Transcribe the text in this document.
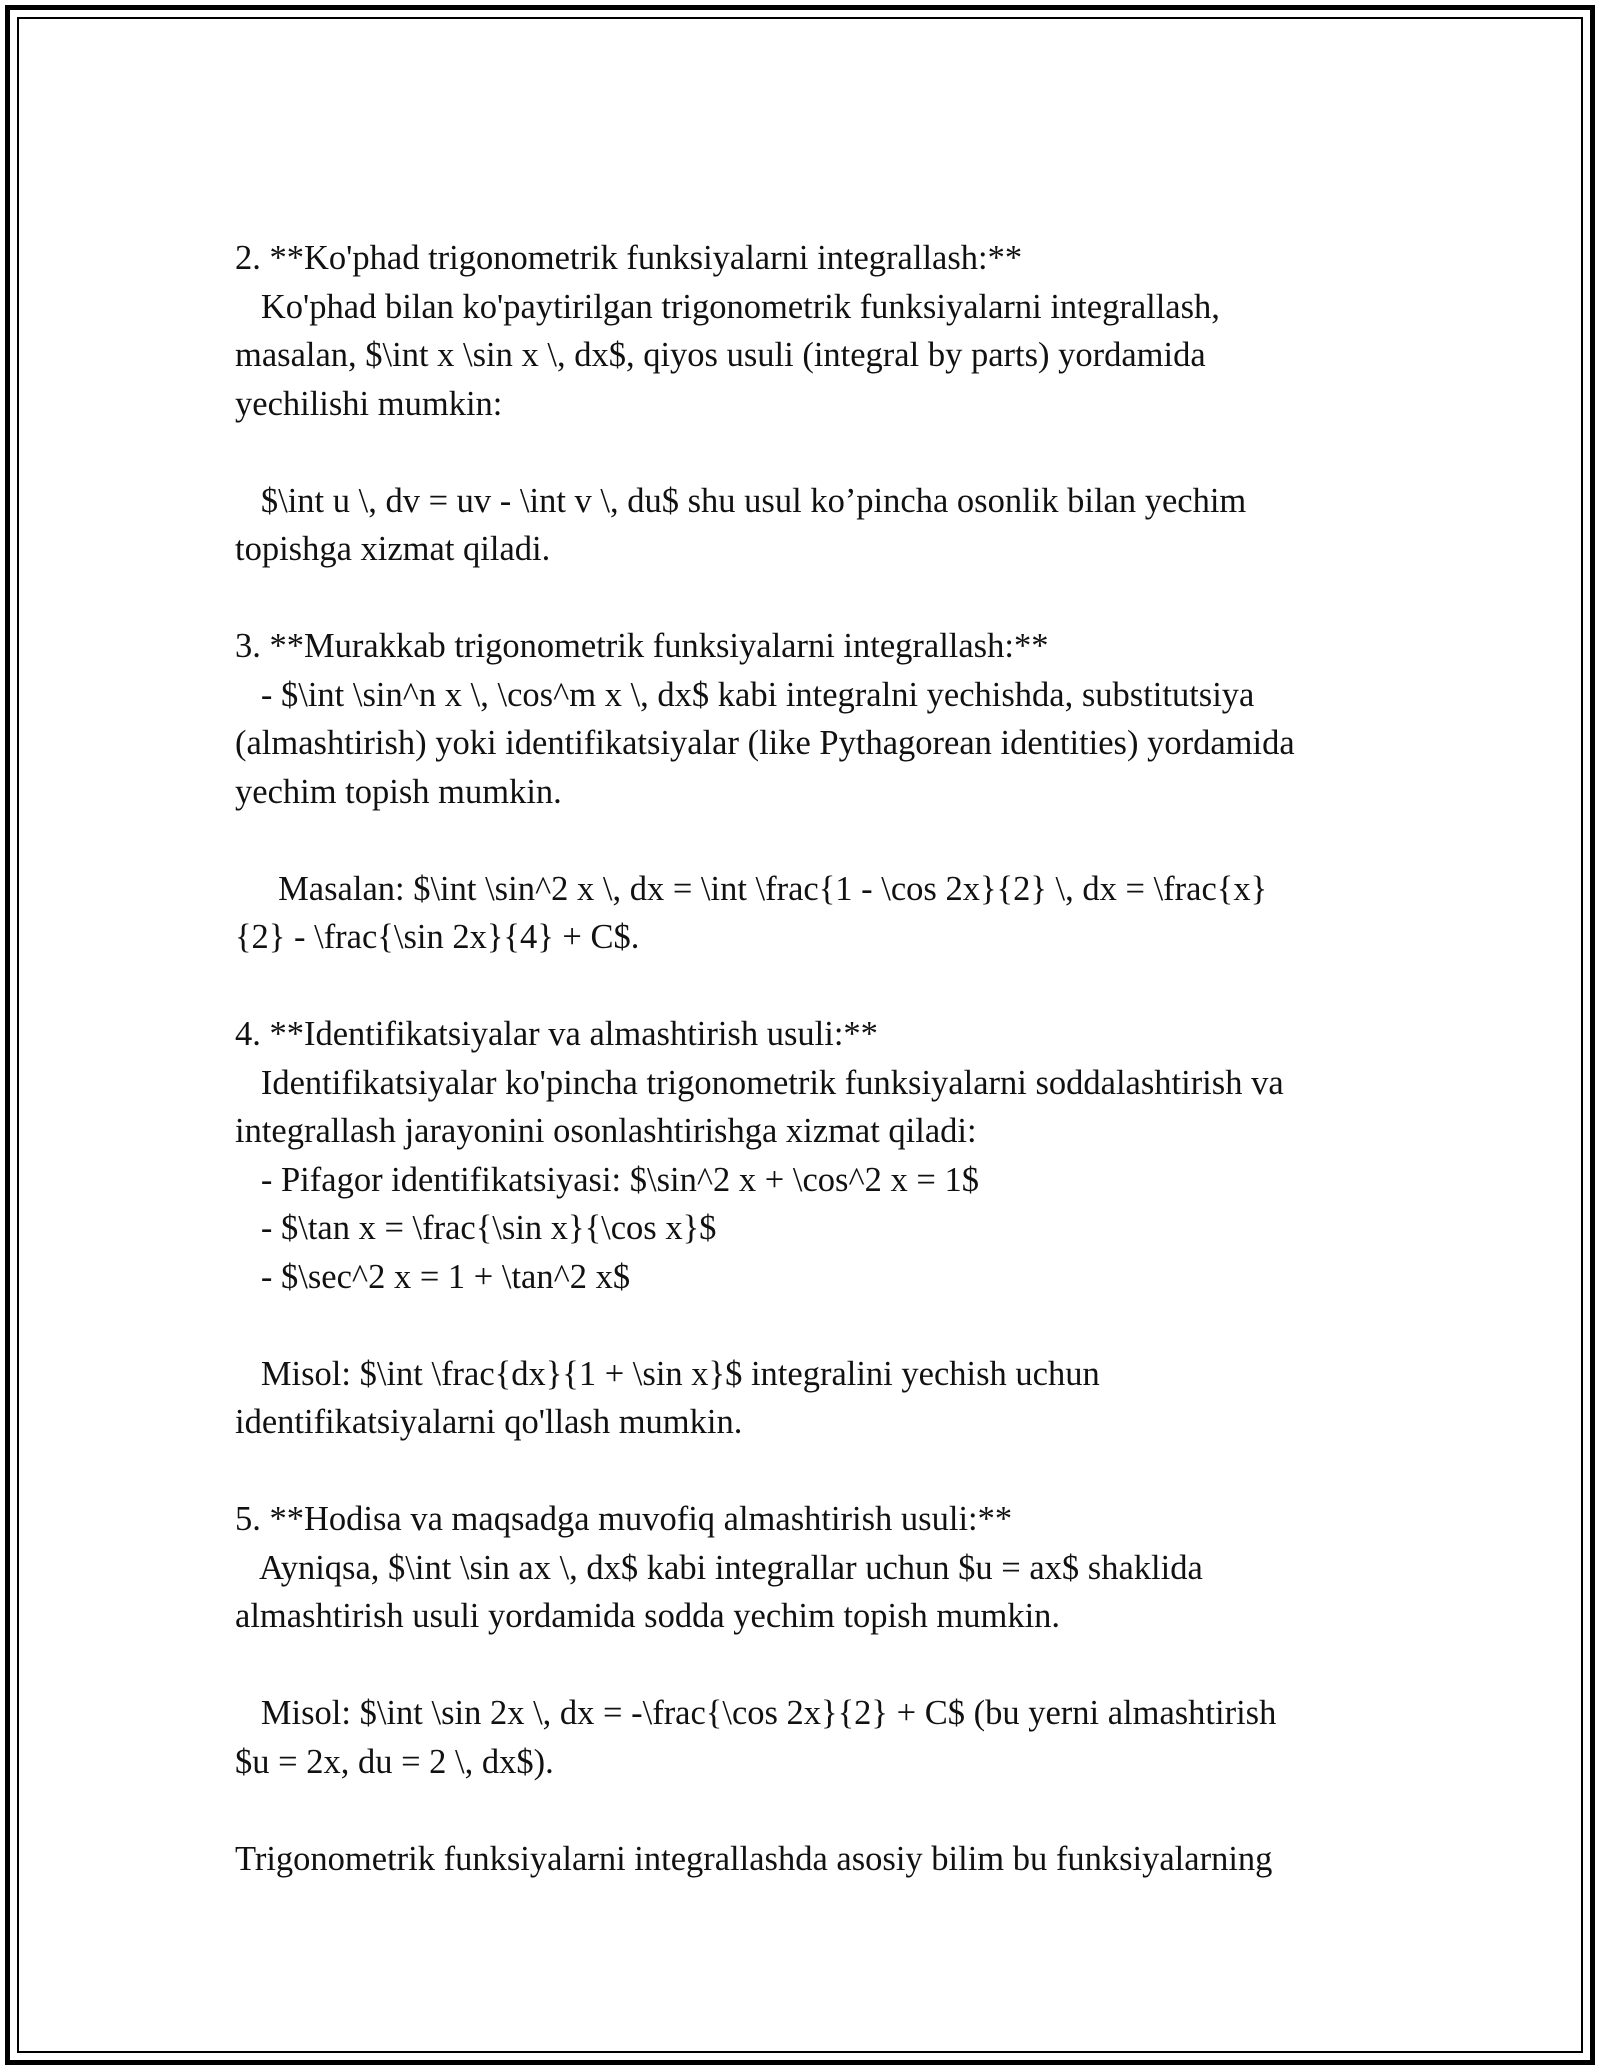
2. **Ko'phad trigonometrik funksiyalarni integrallash:**
Ko'phad bilan ko'paytirilgan trigonometrik funksiyalarni integrallash,
masalan, $\int x \sin x \, dx$, qiyos usuli (integral by parts) yordamida
yechilishi mumkin:
$\int u \, dv = uv - \int v \, du$ shu usul ko’pincha osonlik bilan yechim
topishga xizmat qiladi.
3. **Murakkab trigonometrik funksiyalarni integrallash:**
- $\int \sin^n x \, \cos^m x \, dx$ kabi integralni yechishda, substitutsiya
(almashtirish) yoki identifikatsiyalar (like Pythagorean identities) yordamida
yechim topish mumkin.
Masalan: $\int \sin^2 x \, dx = \int \frac{1 - \cos 2x}{2} \, dx = \frac{x}
{2} - \frac{\sin 2x}{4} + C$.
4. **Identifikatsiyalar va almashtirish usuli:**
Identifikatsiyalar ko'pincha trigonometrik funksiyalarni soddalashtirish va
integrallash jarayonini osonlashtirishga xizmat qiladi:
- Pifagor identifikatsiyasi: $\sin^2 x + \cos^2 x = 1$
- $\tan x = \frac{\sin x}{\cos x}$
- $\sec^2 x = 1 + \tan^2 x$
Misol: $\int \frac{dx}{1 + \sin x}$ integralini yechish uchun
identifikatsiyalarni qo'llash mumkin.
5. **Hodisa va maqsadga muvofiq almashtirish usuli:**
Ayniqsa, $\int \sin ax \, dx$ kabi integrallar uchun $u = ax$ shaklida
almashtirish usuli yordamida sodda yechim topish mumkin.
Misol: $\int \sin 2x \, dx = -\frac{\cos 2x}{2} + C$ (bu yerni almashtirish
$u = 2x, du = 2 \, dx$).
Trigonometrik funksiyalarni integrallashda asosiy bilim bu funksiyalarning
